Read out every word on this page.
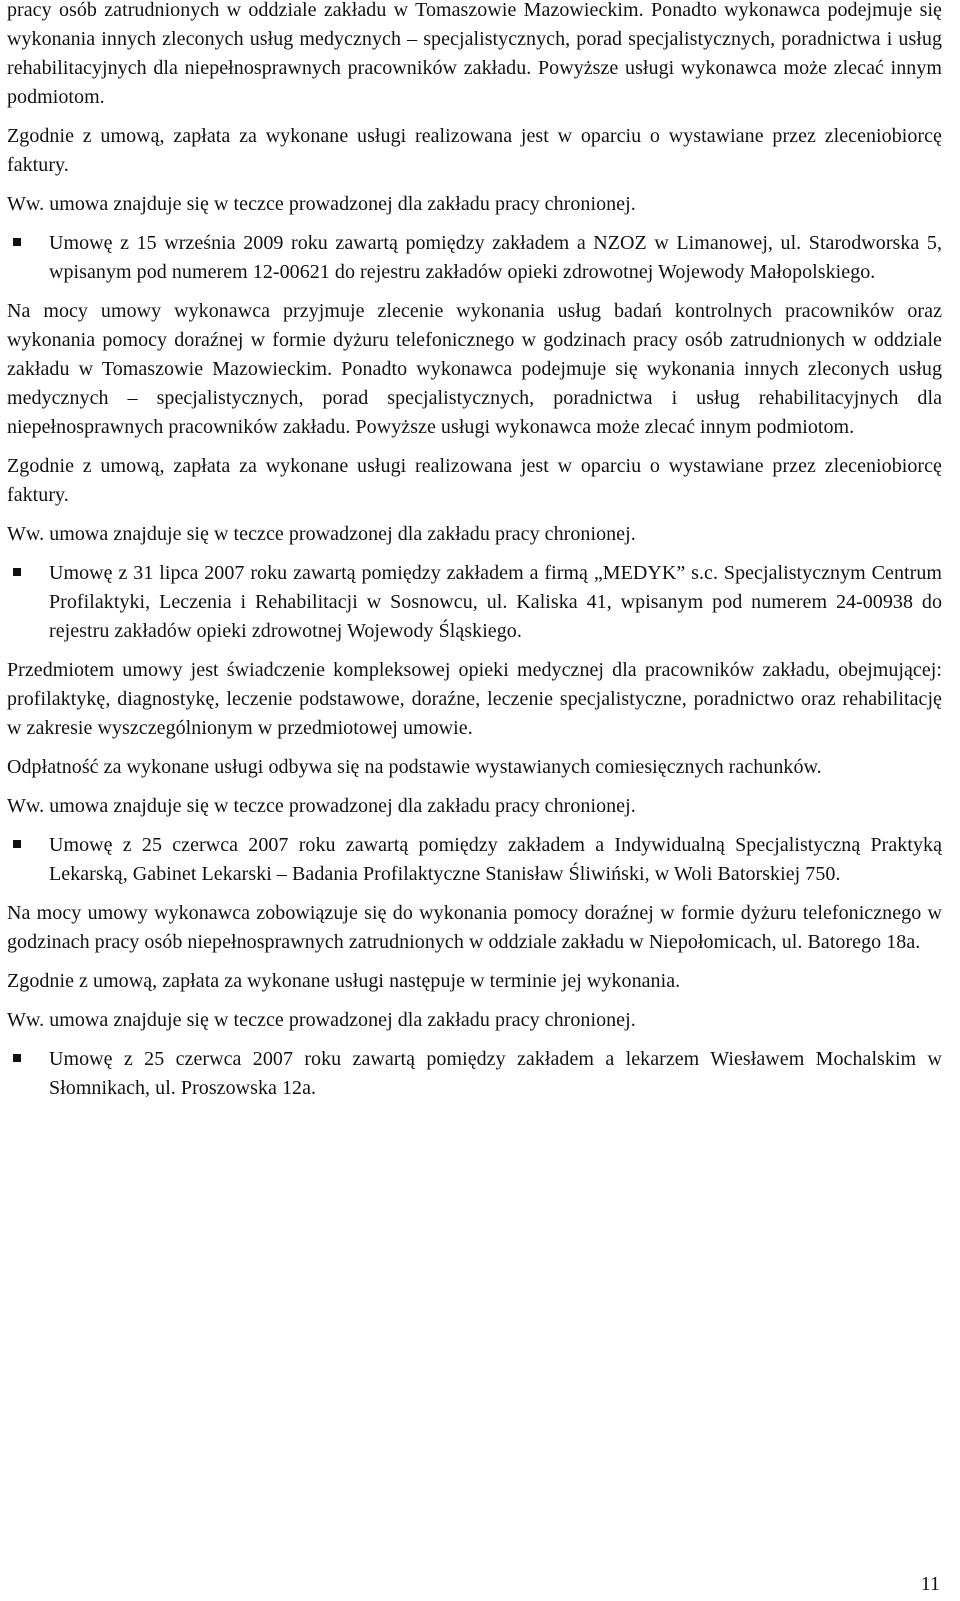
pracy osób zatrudnionych w oddziale zakładu w Tomaszowie Mazowieckim. Ponadto wykonawca podejmuje się wykonania innych zleconych usług medycznych – specjalistycznych, porad specjalistycznych, poradnictwa i usług rehabilitacyjnych dla niepełnosprawnych pracowników zakładu. Powyższe usługi wykonawca może zlecać innym podmiotom.

Zgodnie z umową, zapłata za wykonane usługi realizowana jest w oparciu o wystawiane przez zleceniobiorcę faktury.

Ww. umowa znajduje się w teczce prowadzonej dla zakładu pracy chronionej.

Umowę z 15 września 2009 roku zawartą pomiędzy zakładem a NZOZ w Limanowej, ul. Starodworska 5, wpisanym pod numerem 12-00621 do rejestru zakładów opieki zdrowotnej Wojewody Małopolskiego.

Na mocy umowy wykonawca przyjmuje zlecenie wykonania usług badań kontrolnych pracowników oraz wykonania pomocy doraźnej w formie dyżuru telefonicznego w godzinach pracy osób zatrudnionych w oddziale zakładu w Tomaszowie Mazowieckim. Ponadto wykonawca podejmuje się wykonania innych zleconych usług medycznych – specjalistycznych, porad specjalistycznych, poradnictwa i usług rehabilitacyjnych dla niepełnosprawnych pracowników zakładu. Powyższe usługi wykonawca może zlecać innym podmiotom.

Zgodnie z umową, zapłata za wykonane usługi realizowana jest w oparciu o wystawiane przez zleceniobiorcę faktury.

Ww. umowa znajduje się w teczce prowadzonej dla zakładu pracy chronionej.

Umowę z 31 lipca 2007 roku zawartą pomiędzy zakładem a firmą „MEDYK” s.c. Specjalistycznym Centrum Profilaktyki, Leczenia i Rehabilitacji w Sosnowcu, ul. Kaliska 41, wpisanym pod numerem 24-00938 do rejestru zakładów opieki zdrowotnej Wojewody Śląskiego.

Przedmiotem umowy jest świadczenie kompleksowej opieki medycznej dla pracowników zakładu, obejmującej: profilaktykę, diagnostykę, leczenie podstawowe, doraźne, leczenie specjalistyczne, poradnictwo oraz rehabilitację w zakresie wyszczególnionym w przedmiotowej umowie.

Odpłatność za wykonane usługi odbywa się na podstawie wystawianych comiesięcznych rachunków.

Ww. umowa znajduje się w teczce prowadzonej dla zakładu pracy chronionej.

Umowę z 25 czerwca 2007 roku zawartą pomiędzy zakładem a Indywidualną Specjalistyczną Praktyką Lekarską, Gabinet Lekarski – Badania Profilaktyczne Stanisław Śliwiński, w Woli Batorskiej 750.

Na mocy umowy wykonawca zobowiązuje się do wykonania pomocy doraźnej w formie dyżuru telefonicznego w godzinach pracy osób niepełnosprawnych zatrudnionych w oddziale zakładu w Niepołomicach, ul. Batorego 18a.

Zgodnie z umową, zapłata za wykonane usługi następuje w terminie jej wykonania.

Ww. umowa znajduje się w teczce prowadzonej dla zakładu pracy chronionej.

Umowę z 25 czerwca 2007 roku zawartą pomiędzy zakładem a lekarzem Wiesławem Mochalskim w Słomnikach, ul. Proszowska 12a.

11
